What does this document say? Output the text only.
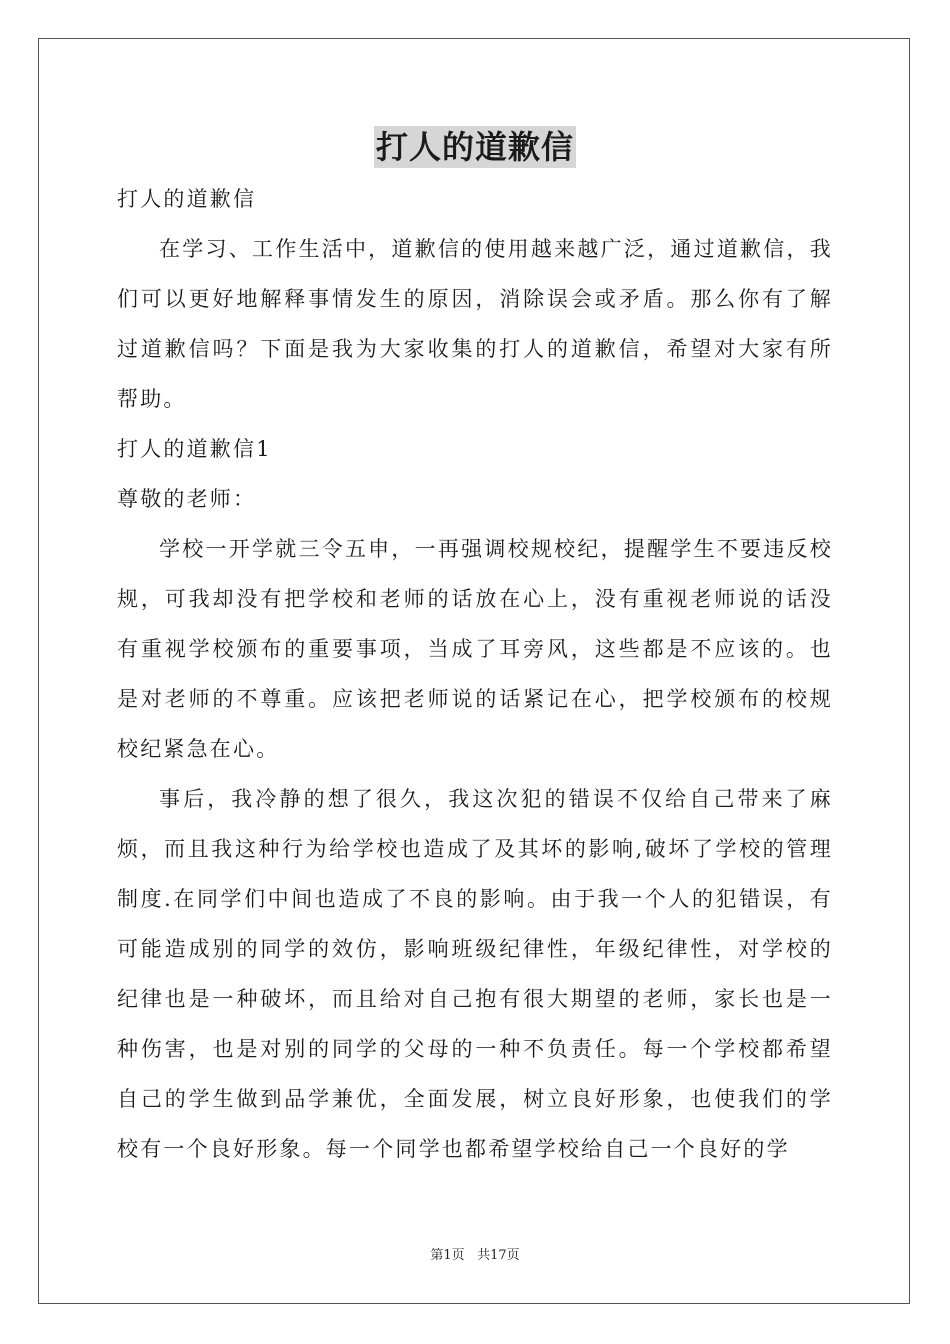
打人的道歉信

打人的道歉信

在学习、工作生活中，道歉信的使用越来越广泛，通过道歉信，我们可以更好地解释事情发生的原因，消除误会或矛盾。那么你有了解过道歉信吗？下面是我为大家收集的打人的道歉信，希望对大家有所帮助。

打人的道歉信1

尊敬的老师：

学校一开学就三令五申，一再强调校规校纪，提醒学生不要违反校规，可我却没有把学校和老师的话放在心上，没有重视老师说的话没有重视学校颁布的重要事项，当成了耳旁风，这些都是不应该的。也是对老师的不尊重。应该把老师说的话紧记在心，把学校颁布的校规校纪紧急在心。

事后，我冷静的想了很久，我这次犯的错误不仅给自己带来了麻烦，而且我这种行为给学校也造成了及其坏的影响,破坏了学校的管理制度.在同学们中间也造成了不良的影响。由于我一个人的犯错误，有可能造成别的同学的效仿，影响班级纪律性，年级纪律性，对学校的纪律也是一种破坏，而且给对自己抱有很大期望的老师，家长也是一种伤害，也是对别的同学的父母的一种不负责任。每一个学校都希望自己的学生做到品学兼优，全面发展，树立良好形象，也使我们的学校有一个良好形象。每一个同学也都希望学校给自己一个良好的学

第1页 共17页
